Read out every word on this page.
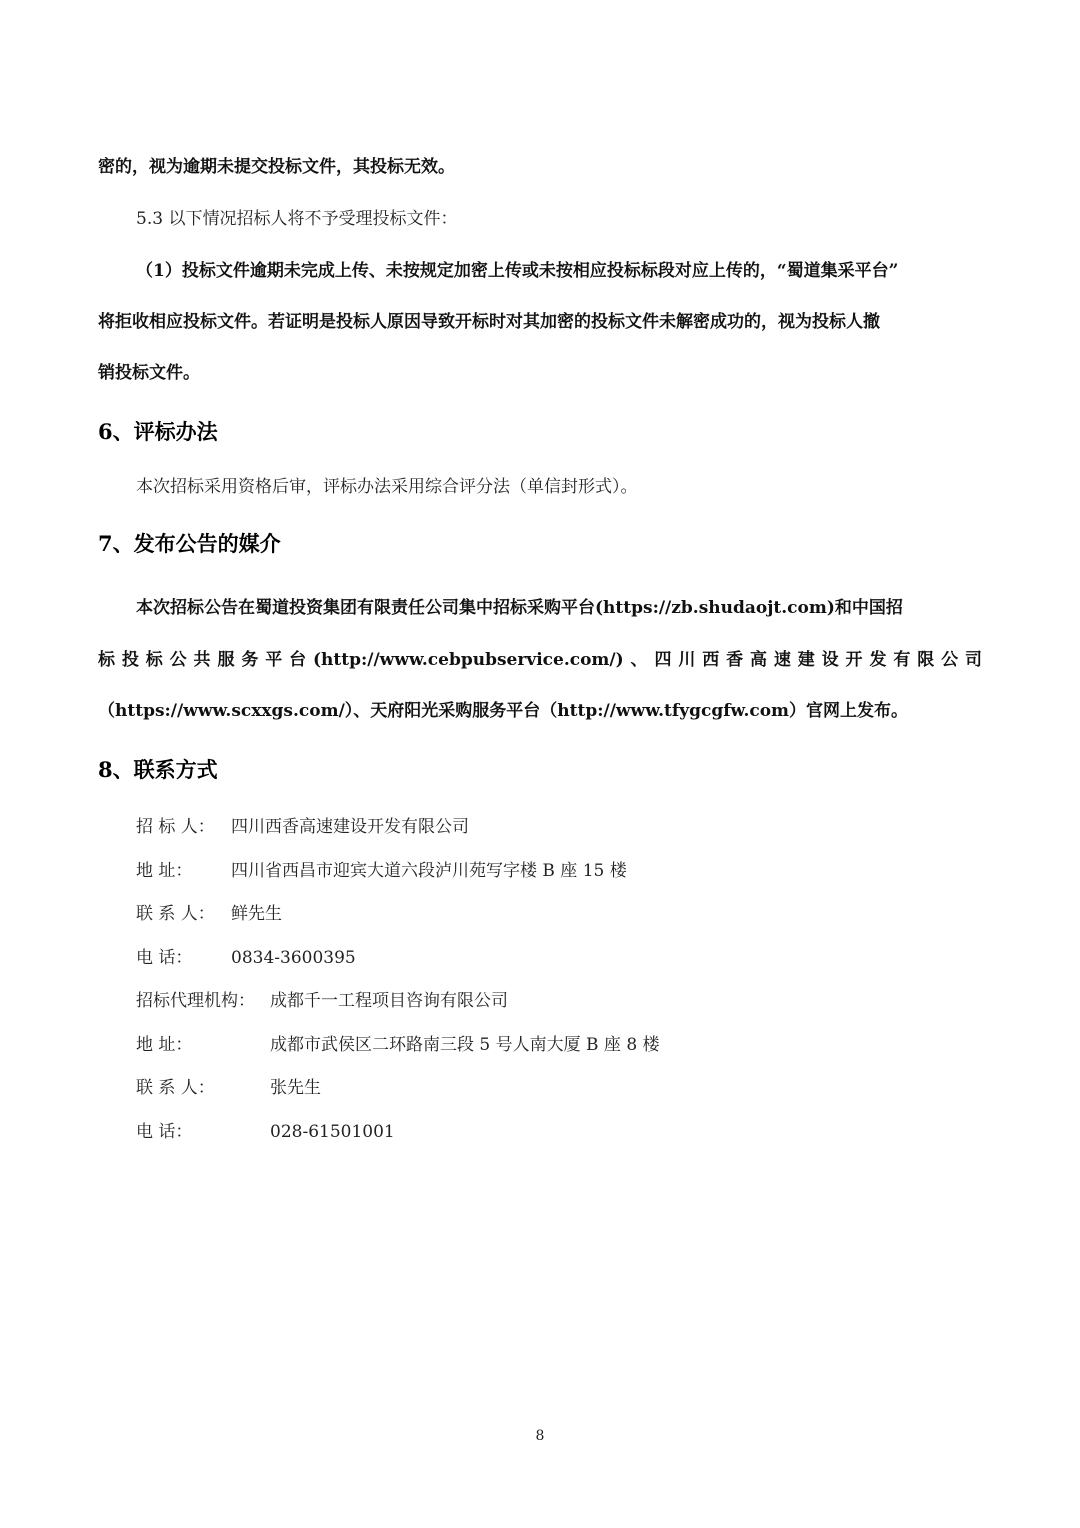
密的，视为逾期未提交投标文件，其投标无效。
5.3 以下情况招标人将不予受理投标文件：
（1）投标文件逾期未完成上传、未按规定加密上传或未按相应投标标段对应上传的，“蜀道集采平台”
将拒收相应投标文件。若证明是投标人原因导致开标时对其加密的投标文件未解密成功的，视为投标人撤
销投标文件。
6、评标办法
本次招标采用资格后审，评标办法采用综合评分法（单信封形式）。
7、发布公告的媒介
本次招标公告在蜀道投资集团有限责任公司集中招标采购平台(https://zb.shudaojt.com)和中国招
标投标公共服务平台(http://www.cebpubservice.com/)、四川西香高速建设开发有限公司
（https://www.scxxgs.com/）、天府阳光采购服务平台（http://www.tfygcgfw.com）官网上发布。
8、联系方式
招 标 人： 四川西香高速建设开发有限公司
地 址： 四川省西昌市迎宾大道六段泸川苑写字楼 B 座 15 楼
联 系 人： 鲜先生
电 话： 0834-3600395
招标代理机构： 成都千一工程项目咨询有限公司
地 址：	成都市武侯区二环路南三段 5 号人南大厦 B 座 8 楼
联 系 人：	张先生
电 话：	028-61501001
8
